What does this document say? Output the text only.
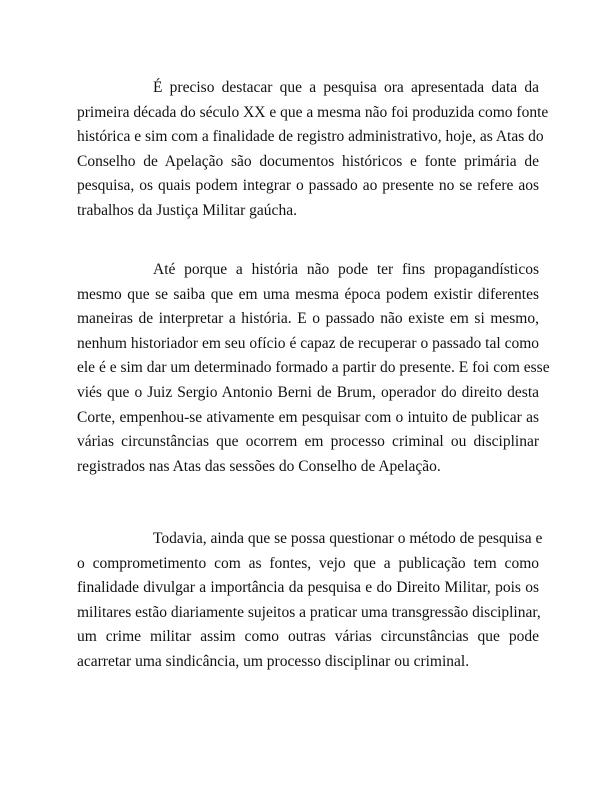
É preciso destacar que a pesquisa ora apresentada data da
primeira década do século XX e que a mesma não foi produzida como fonte
histórica e sim com a finalidade de registro administrativo, hoje, as Atas do
Conselho de Apelação são documentos históricos e fonte primária de
pesquisa, os quais podem integrar o passado ao presente no se refere aos
trabalhos da Justiça Militar gaúcha.
Até porque a história não pode ter fins propagandísticos
mesmo que se saiba que em uma mesma época podem existir diferentes
maneiras de interpretar a história. E o passado não existe em si mesmo,
nenhum historiador em seu ofício é capaz de recuperar o passado tal como
ele é e sim dar um determinado formado a partir do presente. E foi com esse
viés que o Juiz Sergio Antonio Berni de Brum, operador do direito desta
Corte, empenhou-se ativamente em pesquisar com o intuito de publicar as
várias circunstâncias que ocorrem em processo criminal ou disciplinar
registrados nas Atas das sessões do Conselho de Apelação.
Todavia, ainda que se possa questionar o método de pesquisa e
o comprometimento com as fontes, vejo que a publicação tem como
finalidade divulgar a importância da pesquisa e do Direito Militar, pois os
militares estão diariamente sujeitos a praticar uma transgressão disciplinar,
um crime militar assim como outras várias circunstâncias que pode
acarretar uma sindicância, um processo disciplinar ou criminal.
